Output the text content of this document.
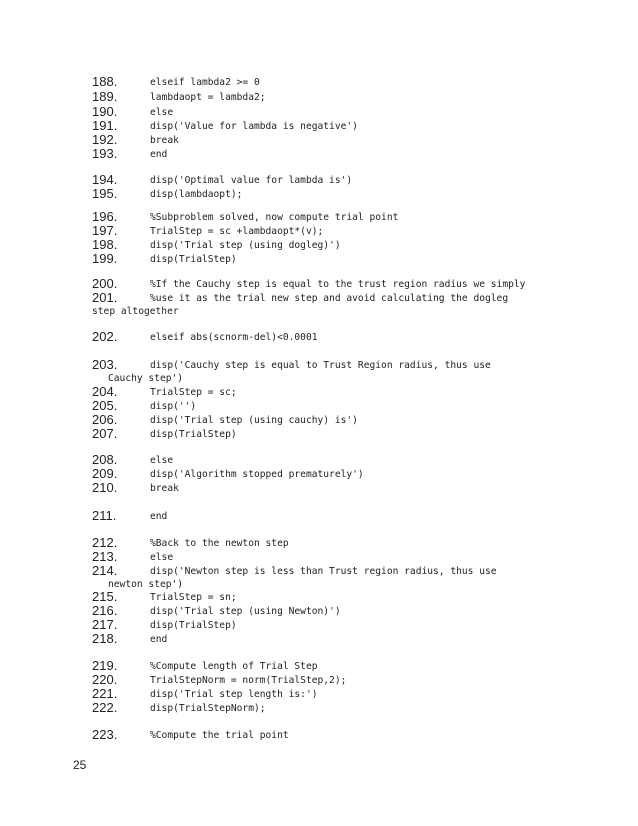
188.	elseif lambda2 >= 0
189.	lambdaopt = lambda2;
190.	else
191.	disp('Value for lambda is negative')
192.	break
193.	end
194.	disp('Optimal value for lambda is')
195.	disp(lambdaopt);
196.	%Subproblem solved, now compute trial point
197.	TrialStep = sc +lambdaopt*(v);
198.	disp('Trial step (using dogleg)')
199.	disp(TrialStep)
200.	%If the Cauchy step is equal to the trust region radius we simply
201.	%use it as the trial new step and avoid calculating the dogleg
step altogether
202.	elseif abs(scnorm-del)<0.0001
203.	disp('Cauchy step is equal to Trust Region radius, thus use
Cauchy step')
204.	TrialStep = sc;
205.	disp('')
206.	disp('Trial step (using cauchy) is')
207.	disp(TrialStep)
208.	else
209.	disp('Algorithm stopped prematurely')
210.	break
211.	end
212.	%Back to the newton step
213.	else
214.	disp('Newton step is less than Trust region radius, thus use
newton step')
215.	TrialStep = sn;
216.	disp('Trial step (using Newton)')
217.	disp(TrialStep)
218.	end
219.	%Compute length of Trial Step
220.	TrialStepNorm = norm(TrialStep,2);
221.	disp('Trial step length is:')
222.	disp(TrialStepNorm);
223.	%Compute the trial point
25
